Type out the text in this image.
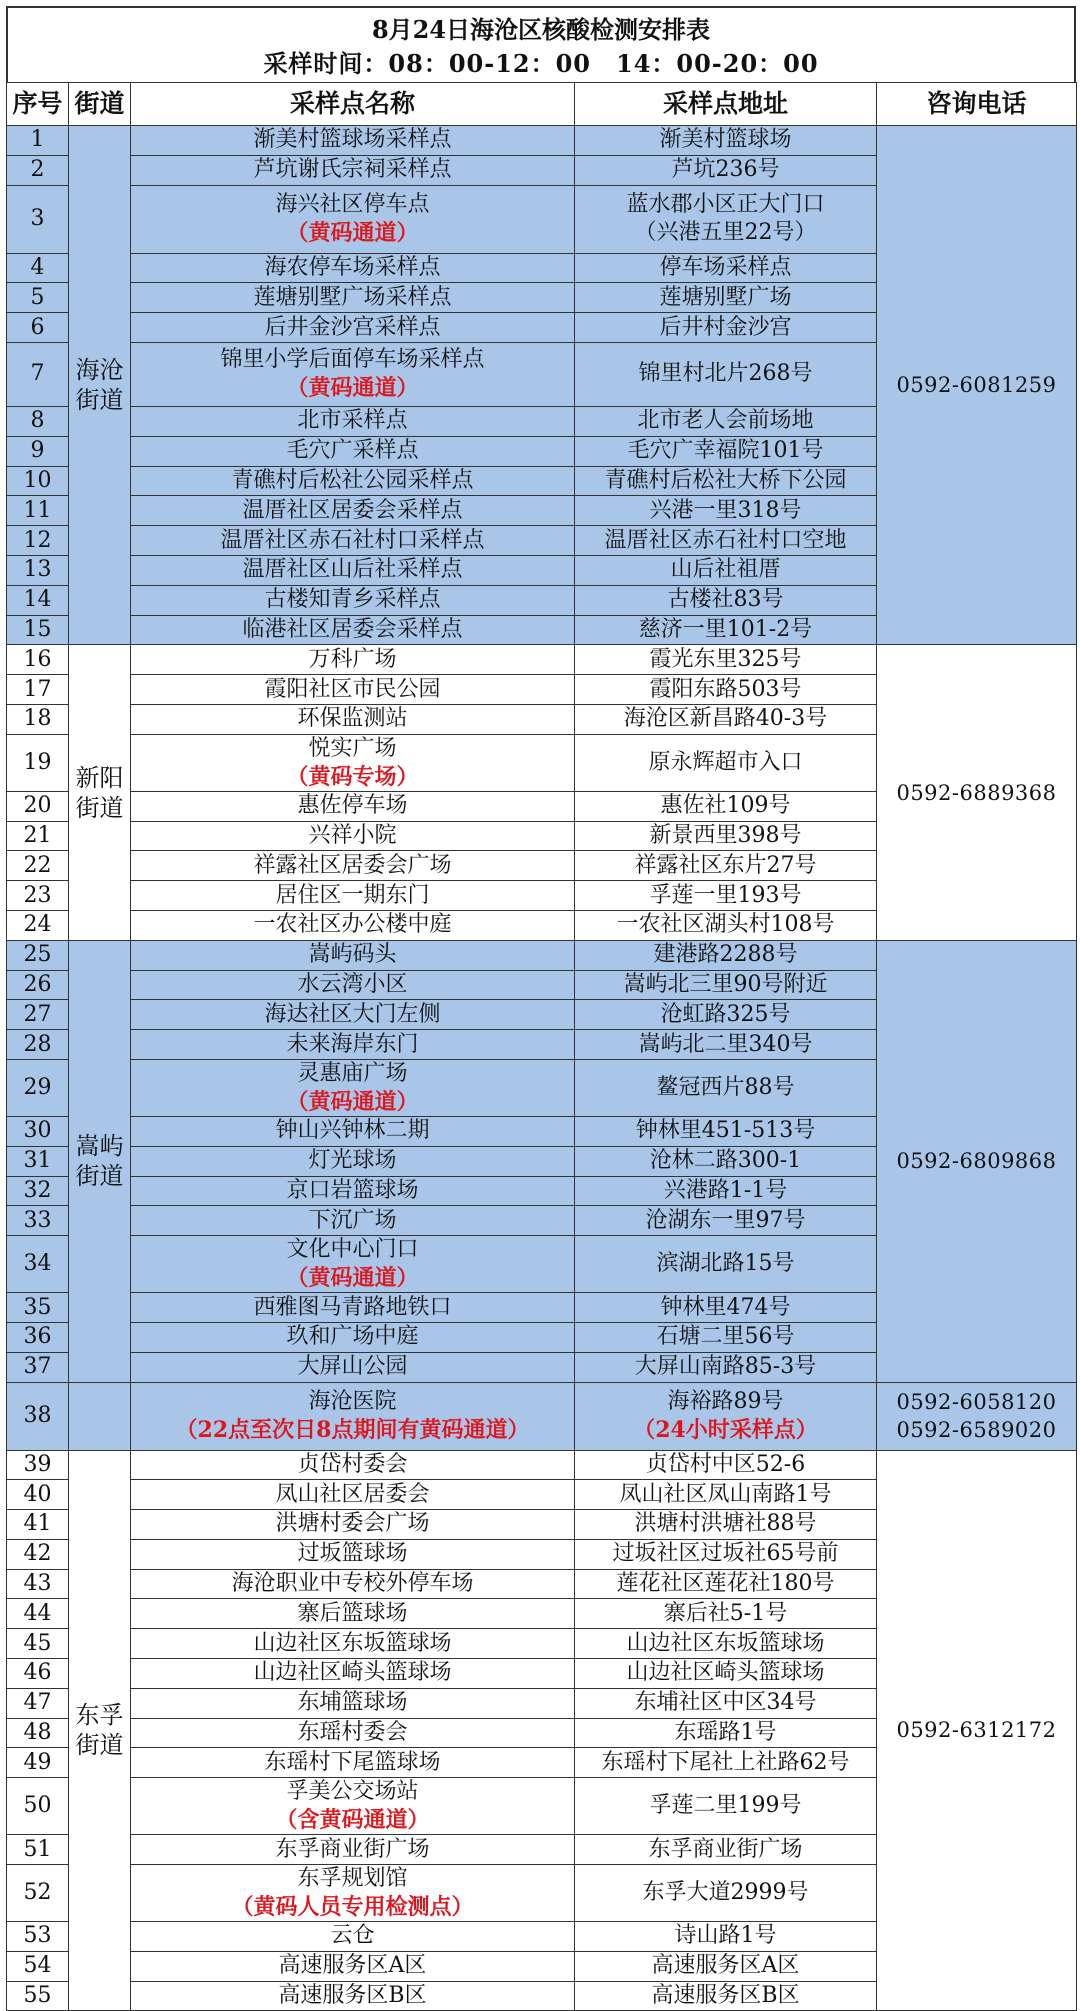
8月24日海沧区核酸检测安排表
采样时间：08：00-12：00　14：00-20：00
序号	街道	采样点名称	采样点地址	咨询电话
1	海沧
街道	渐美村篮球场采样点	渐美村篮球场	0592-6081259

2		芦坑谢氏宗祠采样点	芦坑236号	

3		海兴社区停车点
（黄码通道）	蓝水郡小区正大门口
（兴港五里22号）	

4		海农停车场采样点	停车场采样点	

5		莲塘别墅广场采样点	莲塘别墅广场	

6		后井金沙宫采样点	后井村金沙宫	

7		锦里小学后面停车场采样点
（黄码通道）	锦里村北片268号	

8		北市采样点	北市老人会前场地	

9		毛穴广采样点	毛穴广幸福院101号	

10		青礁村后松社公园采样点	青礁村后松社大桥下公园	

11		温厝社区居委会采样点	兴港一里318号	

12		温厝社区赤石社村口采样点	温厝社区赤石社村口空地	

13		温厝社区山后社采样点	山后社祖厝	

14		古楼知青乡采样点	古楼社83号	

15		临港社区居委会采样点	慈济一里101-2号	

16	新阳
街道	万科广场	霞光东里325号	0592-6889368

17		霞阳社区市民公园	霞阳东路503号	

18		环保监测站	海沧区新昌路40-3号	

19		悦实广场
（黄码专场）	原永辉超市入口	

20		惠佐停车场	惠佐社109号	

21		兴祥小院	新景西里398号	

22		祥露社区居委会广场	祥露社区东片27号	

23		居住区一期东门	孚莲一里193号	

24		一农社区办公楼中庭	一农社区湖头村108号	

25	嵩屿
街道	嵩屿码头	建港路2288号	0592-6809868

26		水云湾小区	嵩屿北三里90号附近	

27		海达社区大门左侧	沧虹路325号	

28		未来海岸东门	嵩屿北二里340号	

29		灵惠庙广场
（黄码通道）	鳌冠西片88号	

30		钟山兴钟林二期	钟林里451-513号	

31		灯光球场	沧林二路300-1	

32		京口岩篮球场	兴港路1-1号	

33		下沉广场	沧湖东一里97号	

34		文化中心门口
（黄码通道）	滨湖北路15号	

35		西雅图马青路地铁口	钟林里474号	

36		玖和广场中庭	石塘二里56号	

37		大屏山公园	大屏山南路85-3号	

38		海沧医院
（22点至次日8点期间有黄码通道）	海裕路89号
（24小时采样点）	0592-6058120
0592-6589020

39	东孚
街道	贞岱村委会	贞岱村中区52-6	0592-6312172

40		凤山社区居委会	凤山社区凤山南路1号	

41		洪塘村委会广场	洪塘村洪塘社88号	

42		过坂篮球场	过坂社区过坂社65号前	

43		海沧职业中专校外停车场	莲花社区莲花社180号	

44		寨后篮球场	寨后社5-1号	

45		山边社区东坂篮球场	山边社区东坂篮球场	

46		山边社区崎头篮球场	山边社区崎头篮球场	

47		东埔篮球场	东埔社区中区34号	

48		东瑶村委会	东瑶路1号	

49		东瑶村下尾篮球场	东瑶村下尾社上社路62号	

50		孚美公交场站
（含黄码通道）	孚莲二里199号	

51		东孚商业街广场	东孚商业街广场	

52		东孚规划馆
（黄码人员专用检测点）	东孚大道2999号	

53		云仓	诗山路1号	

54		高速服务区A区	高速服务区A区	

55		高速服务区B区	高速服务区B区	
